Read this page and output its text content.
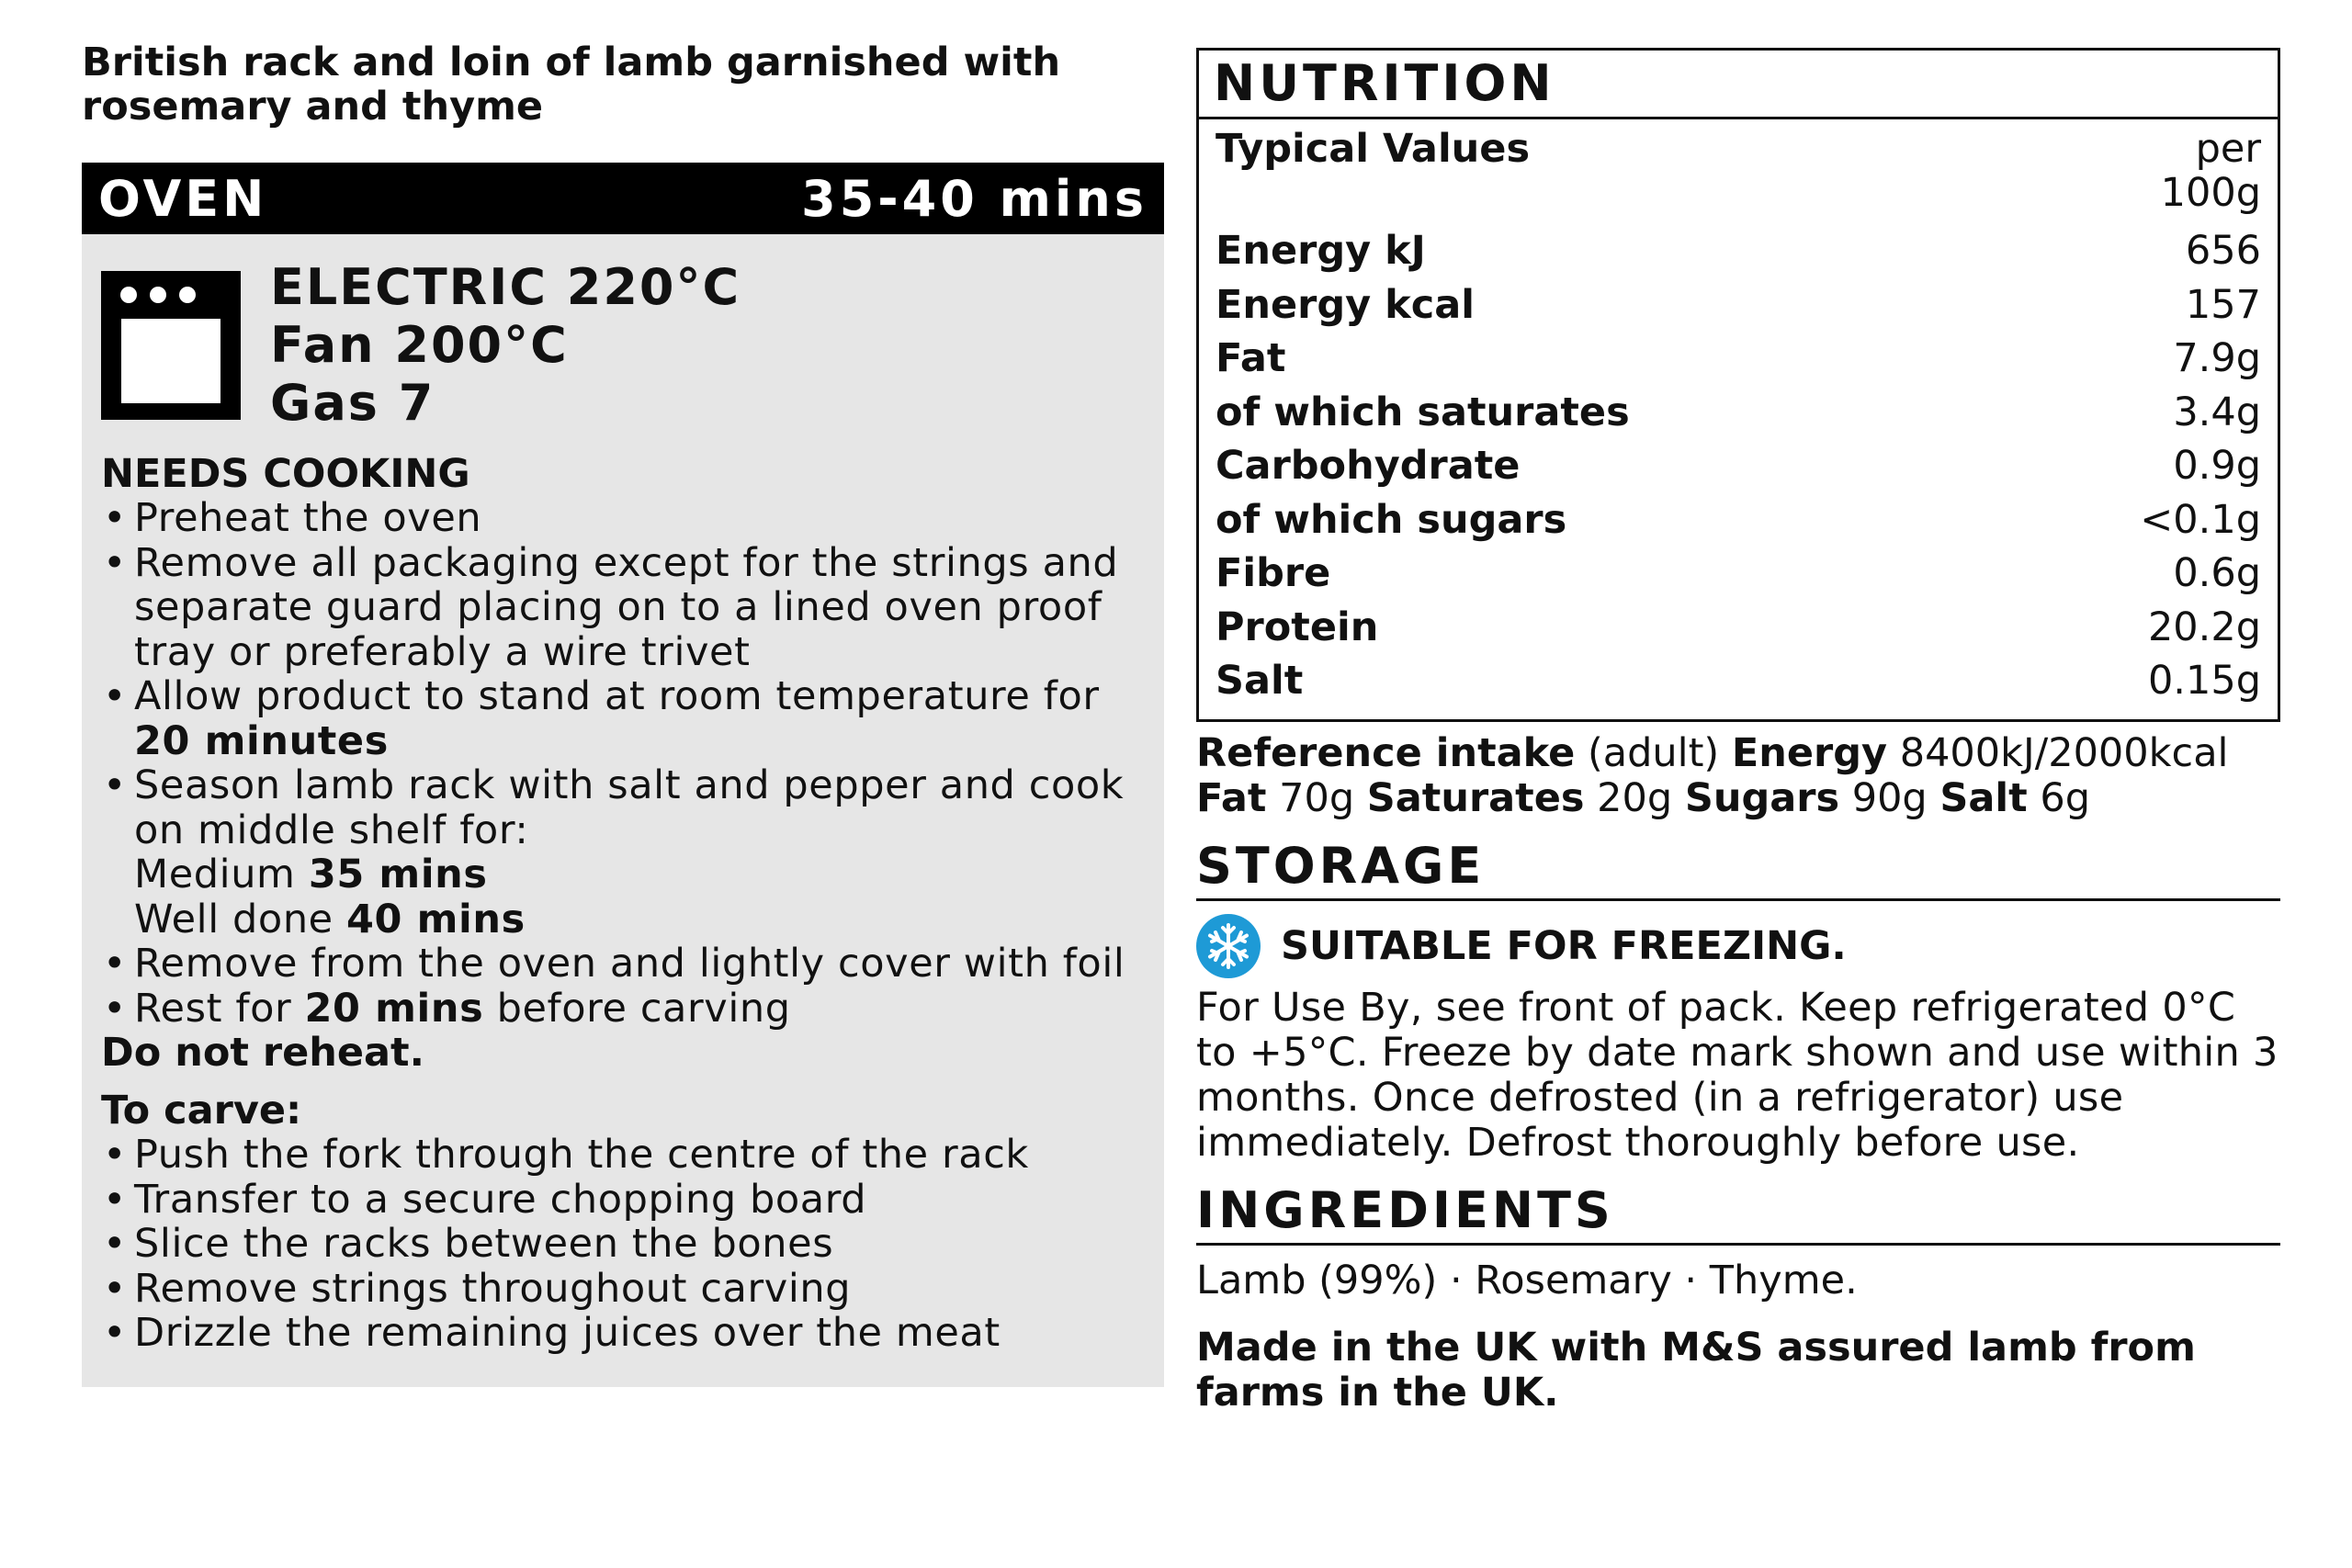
British rack and loin of lamb garnished with rosemary and thyme

OVEN	35-40 mins
ELECTRIC 220°C
Fan 200°C
Gas 7
NEEDS COOKING
• Preheat the oven
• Remove all packaging except for the strings and separate guard placing on to a lined oven proof tray or preferably a wire trivet
• Allow product to stand at room temperature for
20 minutes
• Season lamb rack with salt and pepper and cook on middle shelf for:
Medium 35 mins
Well done 40 mins
• Remove from the oven and lightly cover with foil
• Rest for 20 mins before carving
Do not reheat.
To carve:
• Push the fork through the centre of the rack
• Transfer to a secure chopping board
• Slice the racks between the bones
• Remove strings throughout carving
• Drizzle the remaining juices over the meat
NUTRITION
Typical Values	per
100g
Energy kJ	656
Energy kcal	157
Fat	7.9g
of which saturates	3.4g
Carbohydrate	0.9g
of which sugars	<0.1g
Fibre	0.6g
Protein	20.2g
Salt	0.15g
Reference intake (adult) Energy 8400kJ/2000kcal
Fat 70g Saturates 20g Sugars 90g Salt 6g
STORAGE
SUITABLE FOR FREEZING.
For Use By, see front of pack. Keep refrigerated 0°C to +5°C. Freeze by date mark shown and use within 3 months. Once defrosted (in a refrigerator) use immediately. Defrost thoroughly before use.
INGREDIENTS
Lamb (99%) · Rosemary · Thyme.
Made in the UK with M&S assured lamb from farms in the UK.
